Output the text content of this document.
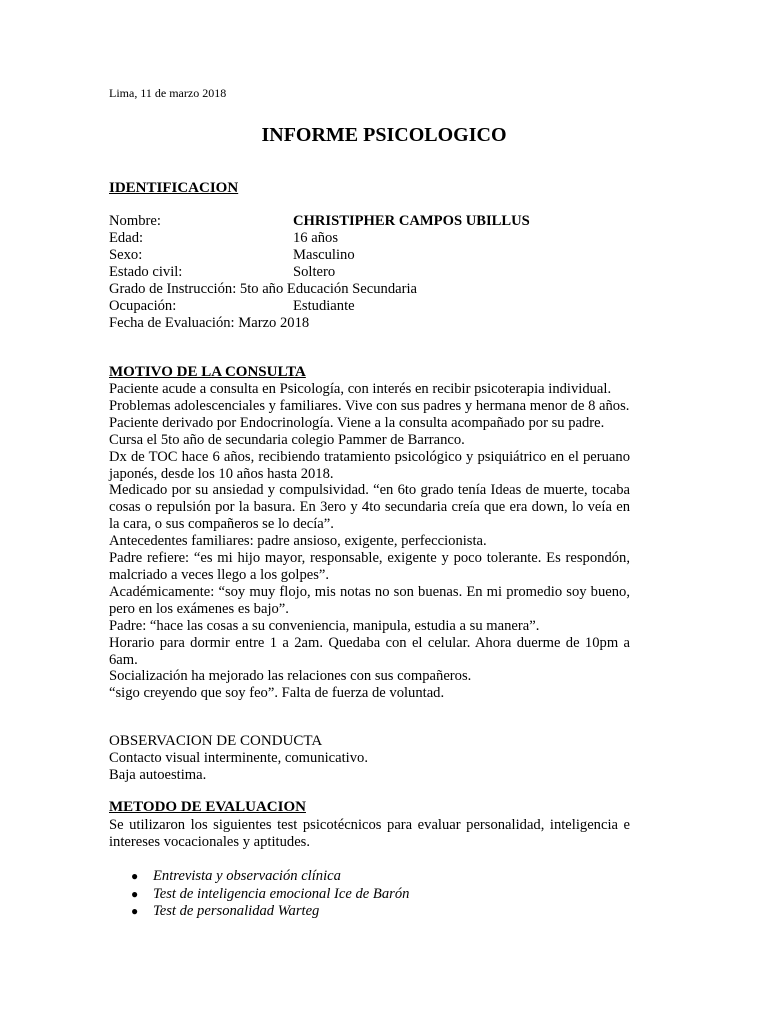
Lima, 11 de marzo 2018
INFORME PSICOLOGICO
IDENTIFICACION
Nombre:	CHRISTIPHER CAMPOS UBILLUS
Edad:	16 años
Sexo:	Masculino
Estado civil:	Soltero
Grado de Instrucción: 5to año Educación Secundaria
Ocupación:	Estudiante
Fecha de Evaluación: Marzo 2018
MOTIVO DE LA CONSULTA

Paciente acude a consulta en Psicología, con interés en recibir psicoterapia individual.

Problemas adolescenciales y familiares. Vive con sus padres y hermana menor de 8 años.

Paciente derivado por Endocrinología. Viene a la consulta acompañado por su padre.

Cursa el 5to año de secundaria colegio Pammer de Barranco.

Dx de TOC hace 6 años, recibiendo tratamiento psicológico y psiquiátrico en el peruano japonés, desde los 10 años hasta 2018.

Medicado por su ansiedad y compulsividad. “en 6to grado tenía Ideas de muerte, tocaba cosas o repulsión por la basura. En 3ero y 4to secundaria creía que era down, lo veía en la cara, o sus compañeros se lo decía”.

Antecedentes familiares: padre ansioso, exigente, perfeccionista.

Padre refiere: “es mi hijo mayor, responsable, exigente y poco tolerante. Es respondón, malcriado a veces llego a los golpes”.

Académicamente: “soy muy flojo, mis notas no son buenas. En mi promedio soy bueno, pero en los exámenes es bajo”.

Padre: “hace las cosas a su conveniencia, manipula, estudia a su manera”.

Horario para dormir entre 1 a 2am. Quedaba con el celular. Ahora duerme de 10pm a 6am.

Socialización ha mejorado las relaciones con sus compañeros.

“sigo creyendo que soy feo”. Falta de fuerza de voluntad.

OBSERVACION DE CONDUCTA

Contacto visual interminente, comunicativo.

Baja autoestima.

METODO DE EVALUACION

Se utilizaron los siguientes test psicotécnicos para evaluar personalidad, inteligencia e intereses vocacionales y aptitudes.

● Entrevista y observación clínica
● Test de inteligencia emocional Ice de Barón
● Test de personalidad Warteg
